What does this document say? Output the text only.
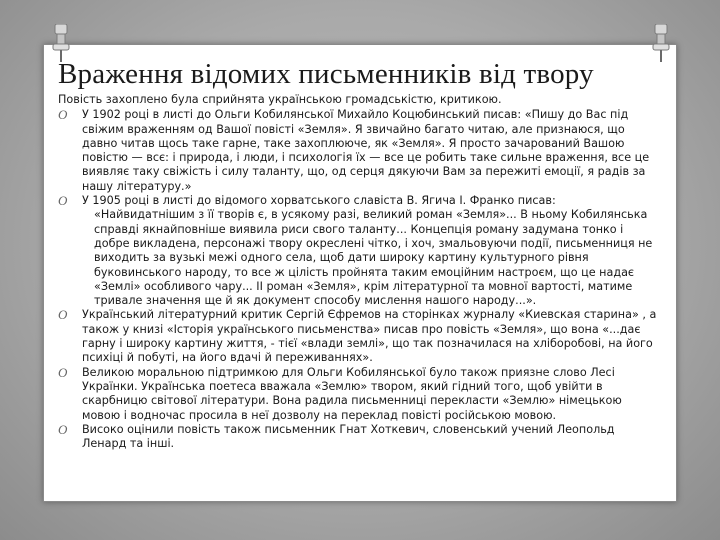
Враження відомих письменників від твору

Повість захоплено була сприйнята українською громадськістю, критикою.

O У 1902 році в листі до Ольги Кобилянської Михайло Коцюбинський писав: «Пишу до Вас під свіжим враженням од Вашої повісті «Земля». Я звичайно багато читаю, але признаюся, що давно читав щось таке гарне, таке захоплююче, як «Земля». Я просто зачарований Вашою повістю — всє: і природа, і люди, і психологія їх — все це робить таке сильне враження, все це виявляє таку свіжість і силу таланту, що, од серця дякуючи Вам за пережиті емоції, я радів за нашу літературу.»

O У 1905 році в листі до відомого хорватського славіста В. Ягича І. Франко писав:
«Найвидатнішим з її творів є, в усякому разі, великий роман «Земля»... В ньому Кобилянська справді якнайповніше виявила риси свого таланту... Концепція роману задумана тонко і добре викладена, персонажі твору окреслені чітко, і хоч, змальовуючи події, письменниця не виходить за вузькі межі одного села, щоб дати широку картину культурного рівня буковинського народу, то все ж цілість пройнята таким емоційним настроєм, що це надає «Землі» особливого чару... ІІ роман «Земля», крім літературної та мовної вартості, матиме тривале значення ще й як документ способу мислення нашого народу...».

O Український літературний критик Сергій Єфремов на сторінках журналу «Киевская старина» , а також у книзі «Історія українського письменства» писав про повість «Земля», що вона «...дає гарну і широку картину життя, - тієї «влади землі», що так позначилася на хліборобові, на його психіці й побуті, на його вдачі й переживаннях».

O Великою моральною підтримкою для Ольги Кобилянської було також приязне слово Лесі Українки. Українська поетеса вважала «Землю» твором, який гідний того, щоб увійти в скарбницю світової літератури. Вона радила письменниці перекласти «Землю» німецькою мовою і водночас просила в неї дозволу на переклад повісті російською мовою.

O Високо оцінили повість також письменник Гнат Хоткевич, словенський учений Леопольд Ленард та інші.
